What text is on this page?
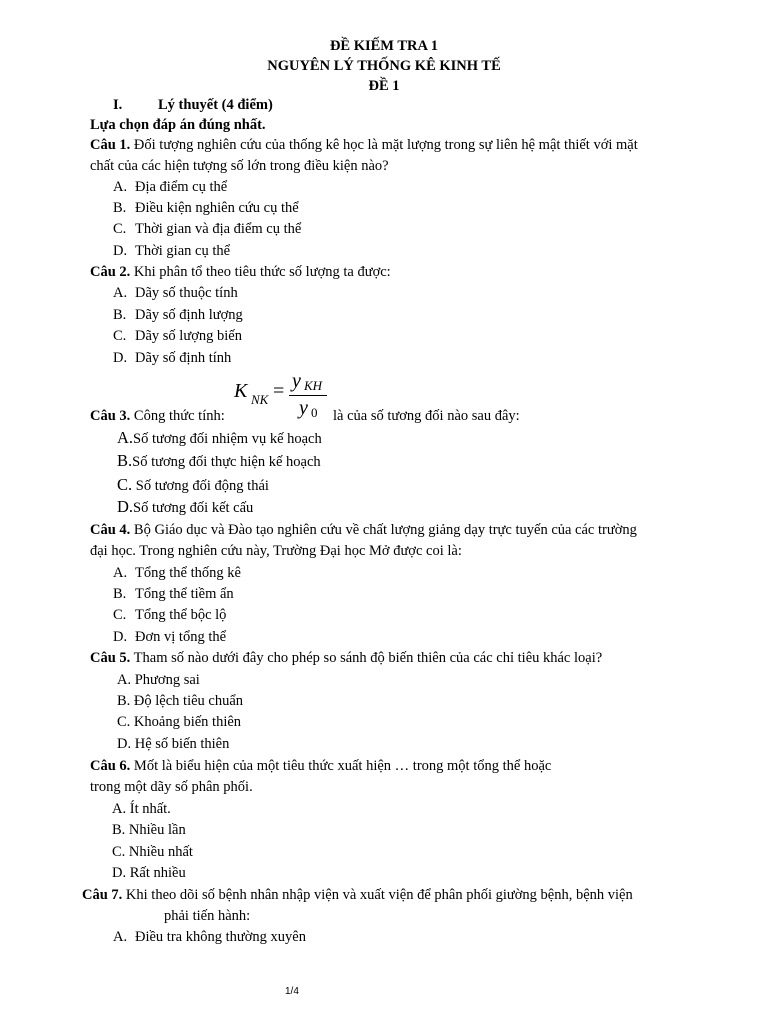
ĐỀ KIẾM TRA 1
NGUYÊN LÝ THỐNG KÊ KINH TẾ
ĐỀ 1
I. Lý thuyết (4 điểm)
Lựa chọn đáp án đúng nhất.
Câu 1. Đối tượng nghiên cứu của thống kê học là mặt lượng trong sự liên hệ mật thiết với mặt
chất của các hiện tượng số lớn trong điều kiện nào?
A. Địa điểm cụ thể
B. Điều kiện nghiên cứu cụ thể
C. Thời gian và địa điểm cụ thể
D. Thời gian cụ thể
Câu 2. Khi phân tổ theo tiêu thức số lượng ta được:
A. Dãy số thuộc tính
B. Dãy số định lượng
C. Dãy số lượng biến
D. Dãy số định tính
K NK = y KH
y 0
Câu 3. Công thức tính:	là của số tương đối nào sau đây:
A.Số tương đối nhiệm vụ kế hoạch
B.Số tương đối thực hiện kế hoạch
C. Số tương đối động thái
D.Số tương đối kết cấu
Câu 4. Bộ Giáo dục và Đào tạo nghiên cứu về chất lượng giảng dạy trực tuyến của các trường
đại học. Trong nghiên cứu này, Trường Đại học Mở được coi là:
A. Tổng thể thống kê
B. Tổng thể tiềm ẩn
C. Tổng thể bộc lộ
D. Đơn vị tổng thể
Câu 5. Tham số nào dưới đây cho phép so sánh độ biến thiên của các chỉ tiêu khác loại?
A. Phương sai
B. Độ lệch tiêu chuẩn
C. Khoảng biến thiên
D. Hệ số biến thiên
Câu 6. Mốt là biểu hiện của một tiêu thức xuất hiện … trong một tổng thể hoặc
trong một dãy số phân phối.
A. Ít nhất.
B. Nhiều lần
C. Nhiều nhất
D. Rất nhiều
Câu 7. Khi theo dõi số bệnh nhân nhập viện và xuất viện để phân phối giường bệnh, bệnh viện
phải tiến hành:
A. Điều tra không thường xuyên
1/4
